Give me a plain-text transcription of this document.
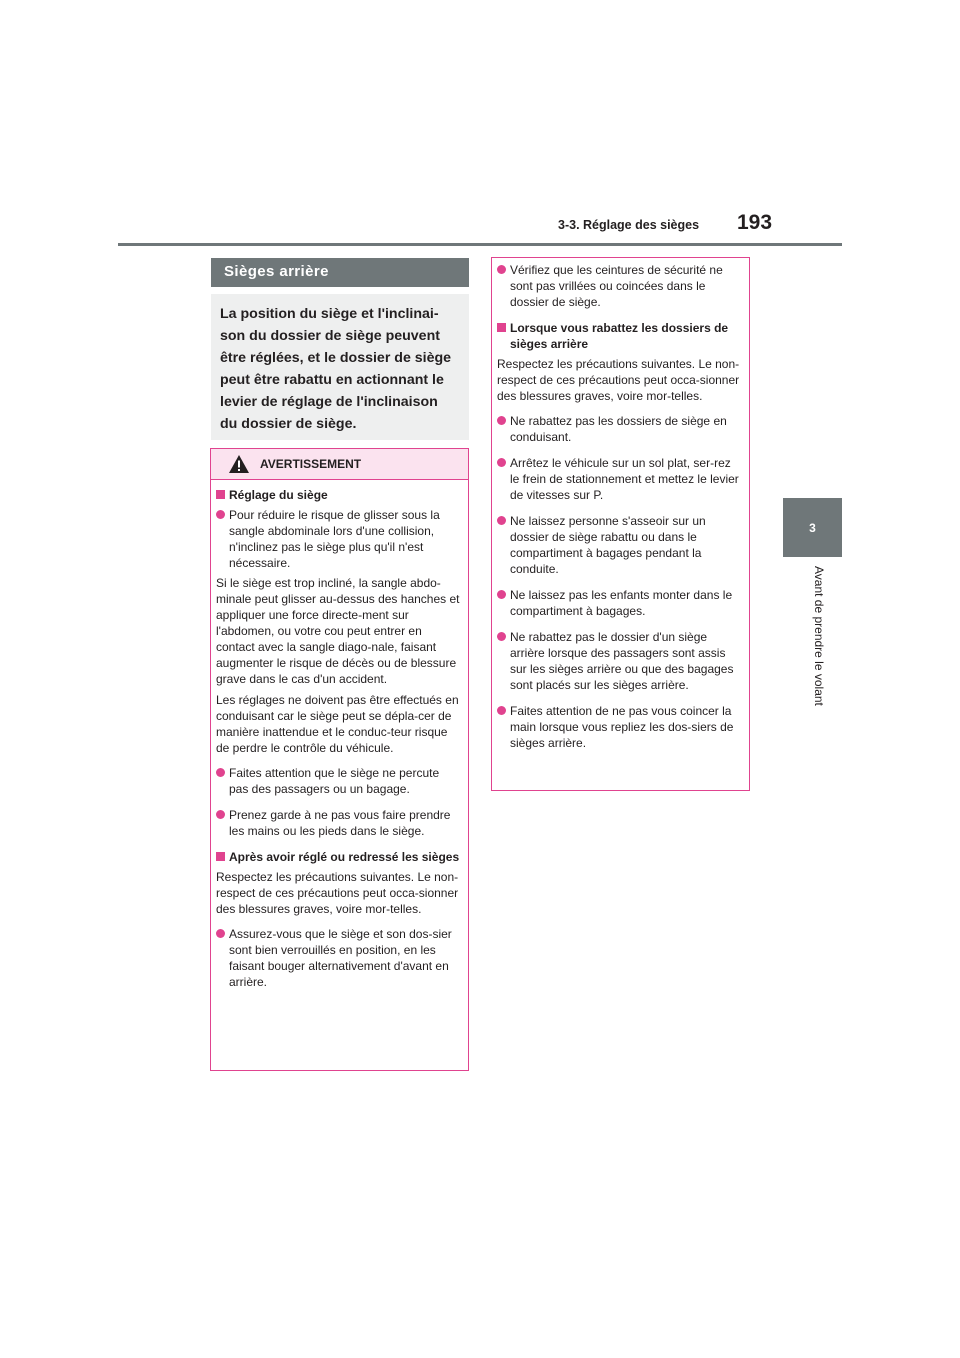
3-3. Réglage des sièges 193
3
Avant de prendre le volant
Sièges arrière
La position du siège et l'inclinai-
son du dossier de siège peuvent
être réglées, et le dossier de siège
peut être rabattu en actionnant le
levier de réglage de l'inclinaison
du dossier de siège.
AVERTISSEMENT
Réglage du siège
Pour réduire le risque de glisser sous la sangle abdominale lors d'une collision, n'inclinez pas le siège plus qu'il n'est nécessaire.
Si le siège est trop incliné, la sangle abdo-minale peut glisser au-dessus des hanches et appliquer une force directe-ment sur l'abdomen, ou votre cou peut entrer en contact avec la sangle diago-nale, faisant augmenter le risque de décès ou de blessure grave dans le cas d'un accident.
Les réglages ne doivent pas être effectués en conduisant car le siège peut se dépla-cer de manière inattendue et le conduc-teur risque de perdre le contrôle du véhicule.
Faites attention que le siège ne percute pas des passagers ou un bagage.
Prenez garde à ne pas vous faire prendre les mains ou les pieds dans le siège.
Après avoir réglé ou redressé les sièges
Respectez les précautions suivantes. Le non-respect de ces précautions peut occa-sionner des blessures graves, voire mor-telles.
Assurez-vous que le siège et son dos-sier sont bien verrouillés en position, en les faisant bouger alternativement d'avant en arrière.
Vérifiez que les ceintures de sécurité ne sont pas vrillées ou coincées dans le dossier de siège.
Lorsque vous rabattez les dossiers de sièges arrière
Respectez les précautions suivantes. Le non-respect de ces précautions peut occa-sionner des blessures graves, voire mor-telles.
Ne rabattez pas les dossiers de siège en conduisant.
Arrêtez le véhicule sur un sol plat, ser-rez le frein de stationnement et mettez le levier de vitesses sur P.
Ne laissez personne s'asseoir sur un dossier de siège rabattu ou dans le compartiment à bagages pendant la conduite.
Ne laissez pas les enfants monter dans le compartiment à bagages.
Ne rabattez pas le dossier d'un siège arrière lorsque des passagers sont assis sur les sièges arrière ou que des bagages sont placés sur les sièges arrière.
Faites attention de ne pas vous coincer la main lorsque vous repliez les dos-siers de sièges arrière.
